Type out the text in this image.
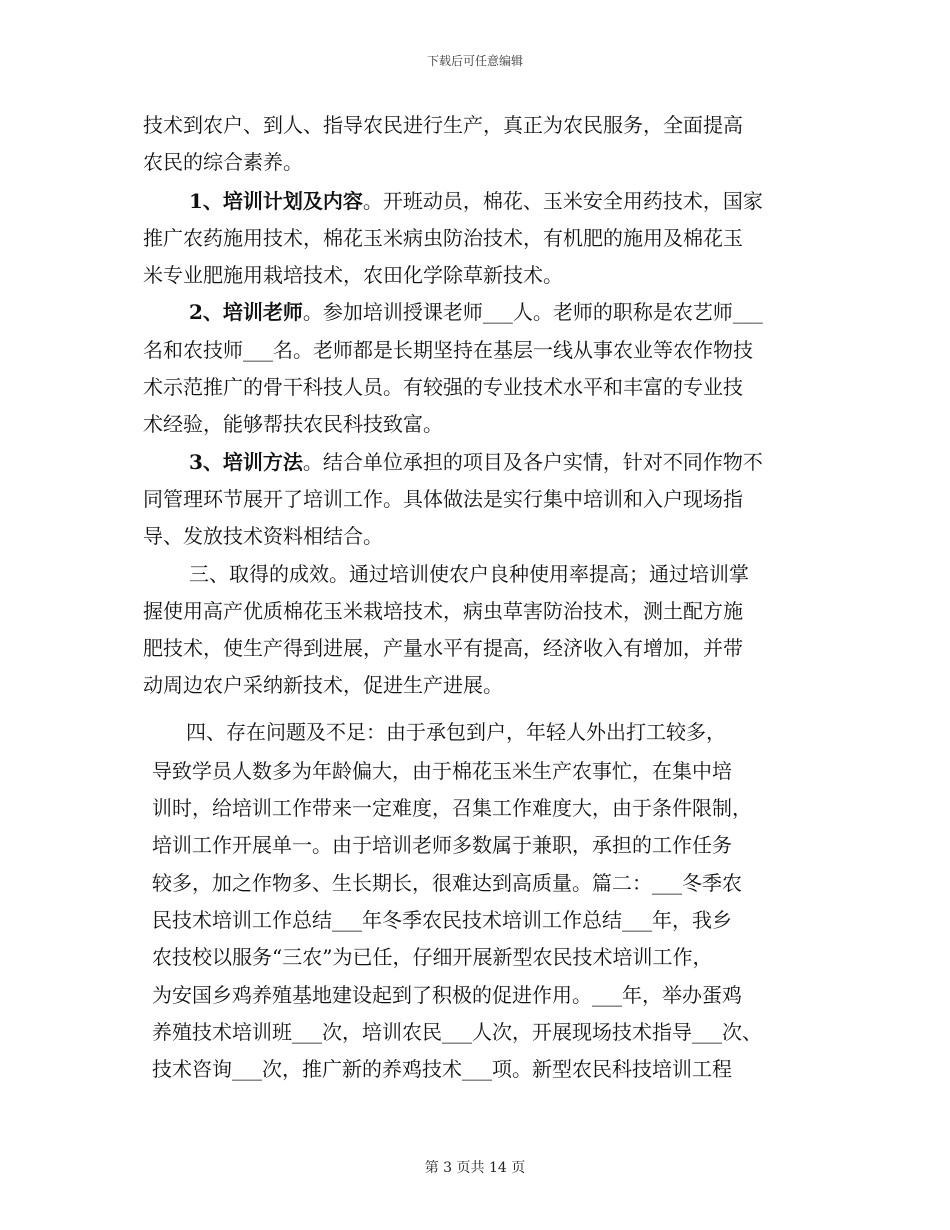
下载后可任意编辑
技术到农户、到人、指导农民进行生产，真正为农民服务，全面提高
农民的综合素养。
1、培训计划及内容。开班动员，棉花、玉米安全用药技术，国家
推广农药施用技术，棉花玉米病虫防治技术，有机肥的施用及棉花玉
米专业肥施用栽培技术，农田化学除草新技术。
2、培训老师。参加培训授课老师___人。老师的职称是农艺师___
名和农技师___名。老师都是长期坚持在基层一线从事农业等农作物技
术示范推广的骨干科技人员。有较强的专业技术水平和丰富的专业技
术经验，能够帮扶农民科技致富。
3、培训方法。结合单位承担的项目及各户实情，针对不同作物不
同管理环节展开了培训工作。具体做法是实行集中培训和入户现场指
导、发放技术资料相结合。
三、取得的成效。通过培训使农户良种使用率提高；通过培训掌
握使用高产优质棉花玉米栽培技术，病虫草害防治技术，测土配方施
肥技术，使生产得到进展，产量水平有提高，经济收入有增加，并带
动周边农户采纳新技术，促进生产进展。
四、存在问题及不足：由于承包到户，年轻人外出打工较多，
导致学员人数多为年龄偏大，由于棉花玉米生产农事忙，在集中培
训时，给培训工作带来一定难度，召集工作难度大，由于条件限制，
培训工作开展单一。由于培训老师多数属于兼职，承担的工作任务
较多，加之作物多、生长期长，很难达到高质量。篇二：___冬季农
民技术培训工作总结___年冬季农民技术培训工作总结___年，我乡
农技校以服务“三农”为已任，仔细开展新型农民技术培训工作，
为安国乡鸡养殖基地建设起到了积极的促进作用。___年，举办蛋鸡
养殖技术培训班___次，培训农民___人次，开展现场技术指导___次、
技术咨询___次，推广新的养鸡技术___项。新型农民科技培训工程
第 3 页共 14 页
